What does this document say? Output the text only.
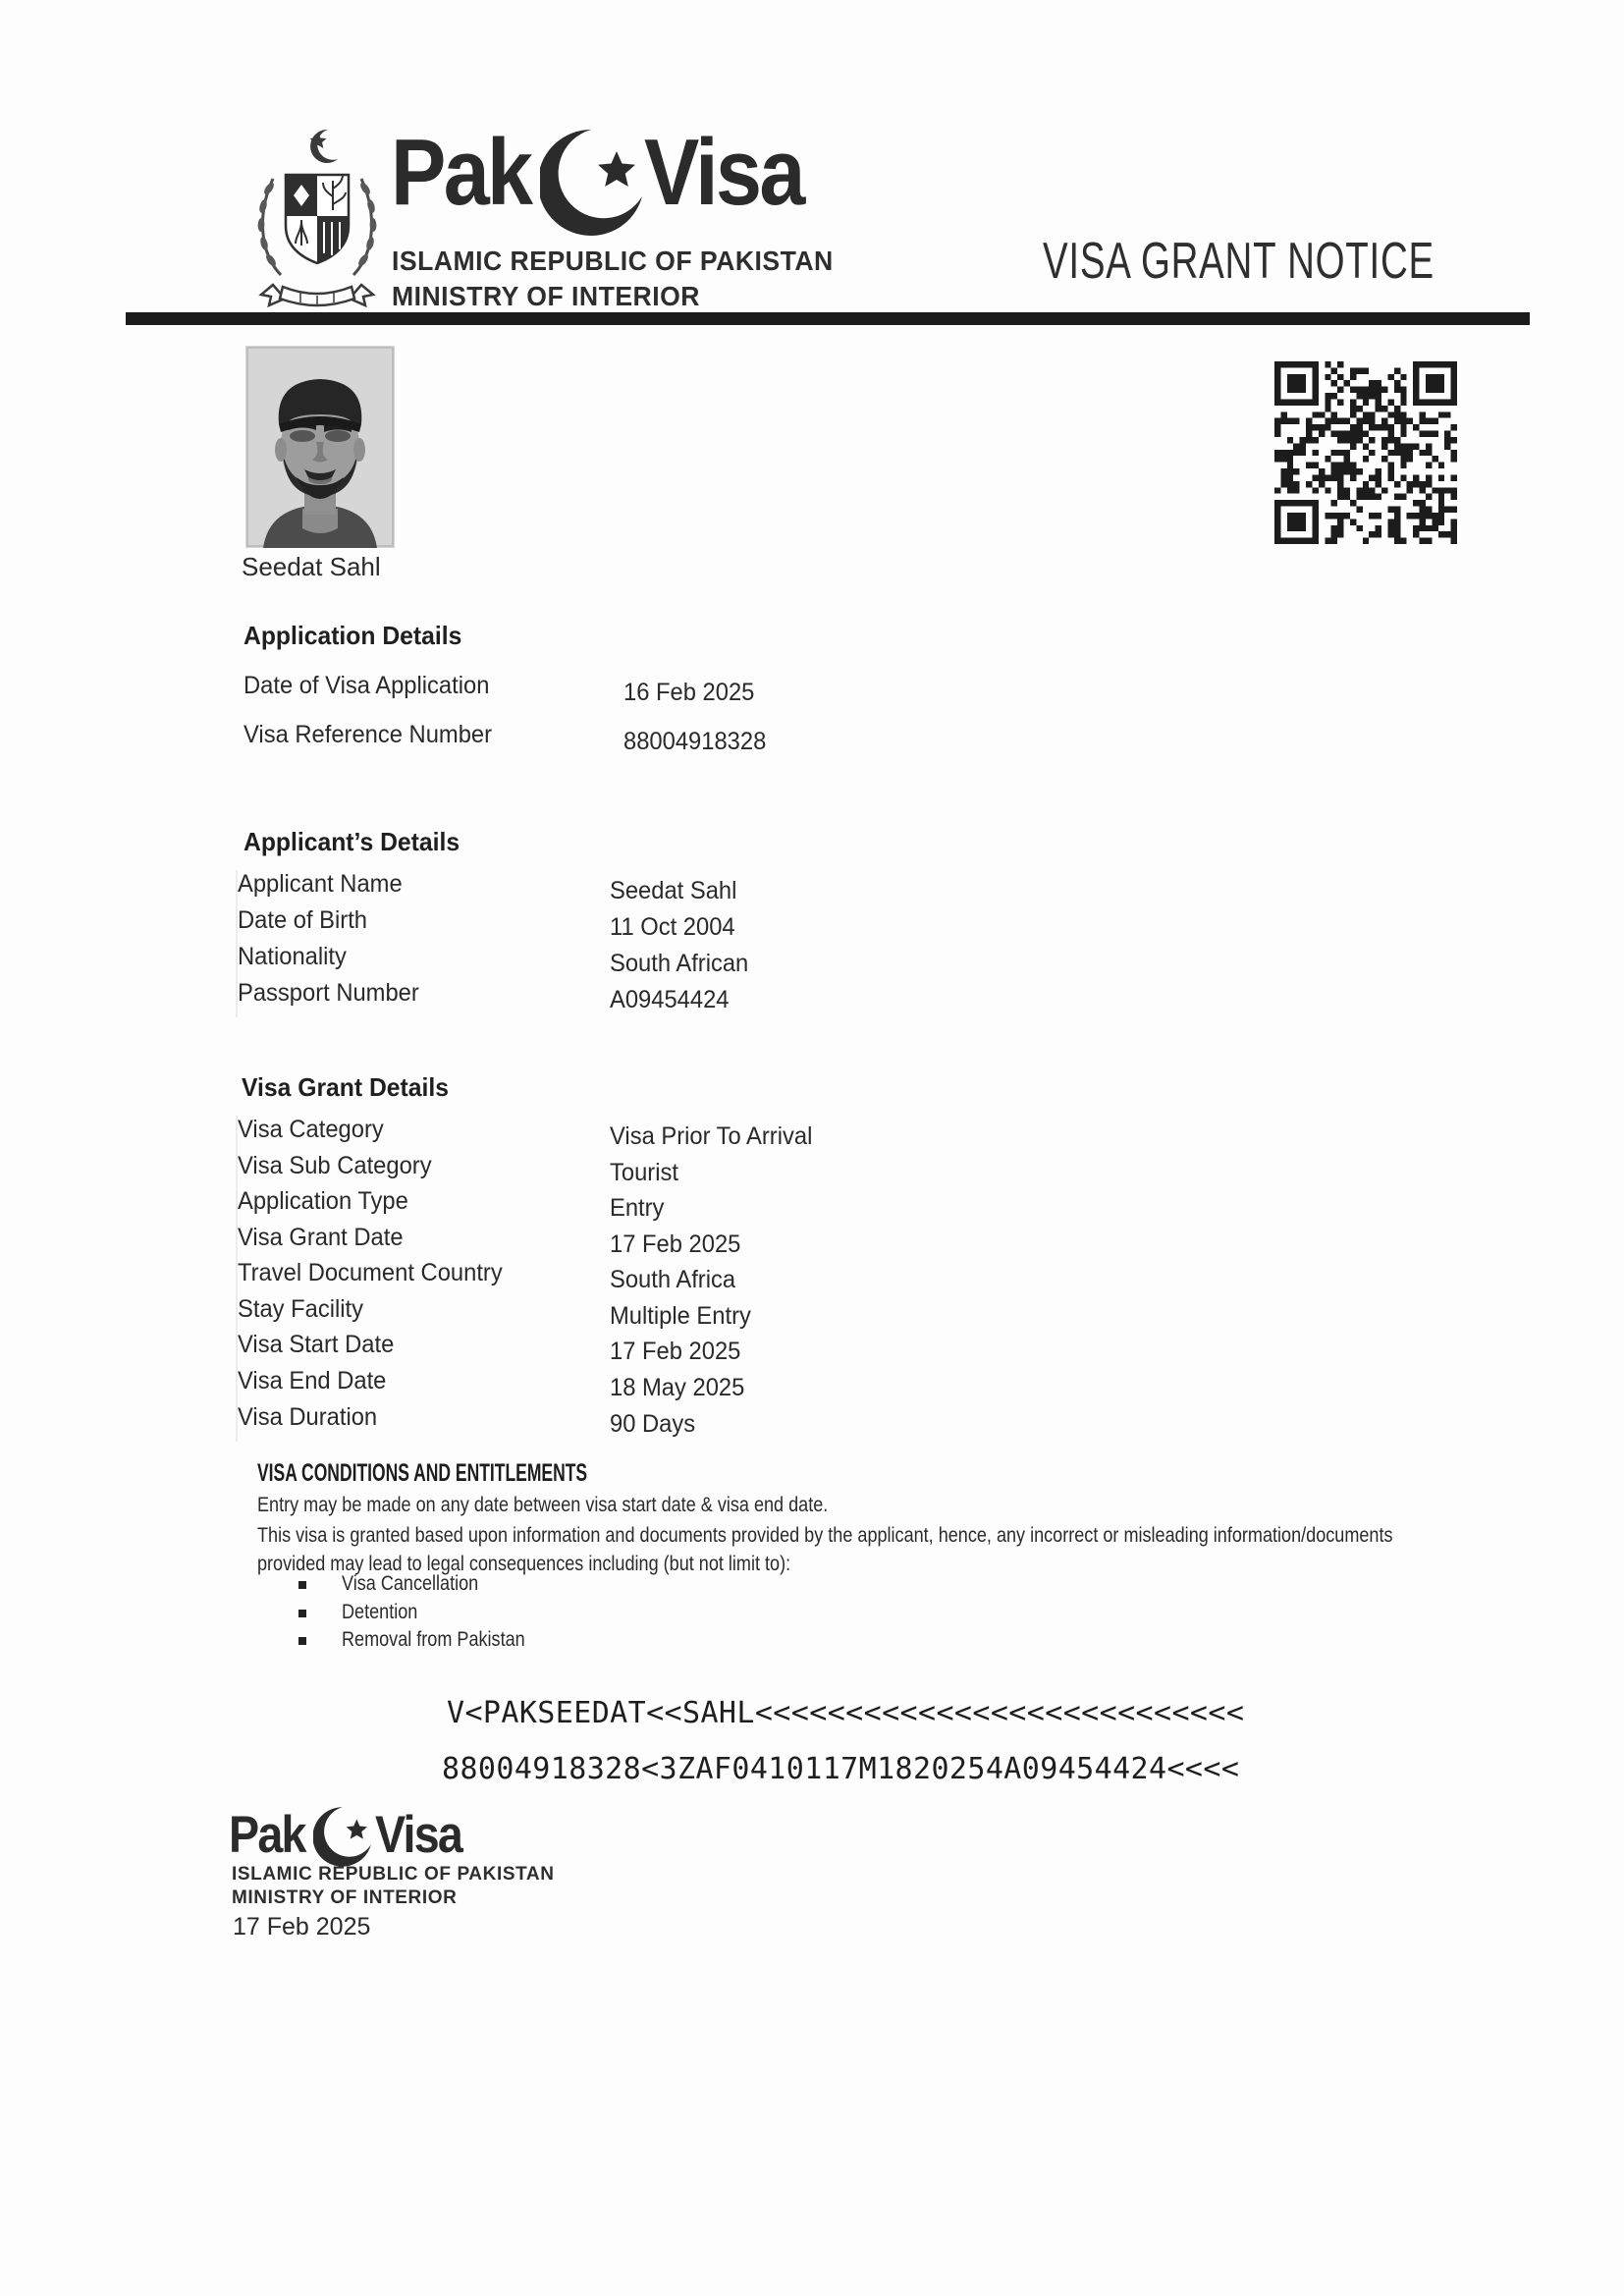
Pak Visa
ISLAMIC REPUBLIC OF PAKISTAN
MINISTRY OF INTERIOR
VISA GRANT NOTICE
Seedat Sahl
Application Details
Date of Visa Application	16 Feb 2025
Visa Reference Number	88004918328
Applicant’s Details
Applicant Name	Seedat Sahl
Date of Birth	11 Oct 2004
Nationality	South African
Passport Number	A09454424
Visa Grant Details
Visa Category	Visa Prior To Arrival
Visa Sub Category	Tourist
Application Type	Entry
Visa Grant Date	17 Feb 2025
Travel Document Country	South Africa
Stay Facility	Multiple Entry
Visa Start Date	17 Feb 2025
Visa End Date	18 May 2025
Visa Duration	90 Days
VISA CONDITIONS AND ENTITLEMENTS
Entry may be made on any date between visa start date & visa end date.
This visa is granted based upon information and documents provided by the applicant, hence, any incorrect or misleading information/documents provided may lead to legal consequences including (but not limit to):
Visa Cancellation
Detention
Removal from Pakistan
V<PAKSEEDAT<<SAHL<<<<<<<<<<<<<<<<<<<<<<<<<<<
88004918328<3ZAF0410117M1820254A09454424<<<<
Pak Visa
ISLAMIC REPUBLIC OF PAKISTAN
MINISTRY OF INTERIOR
17 Feb 2025
